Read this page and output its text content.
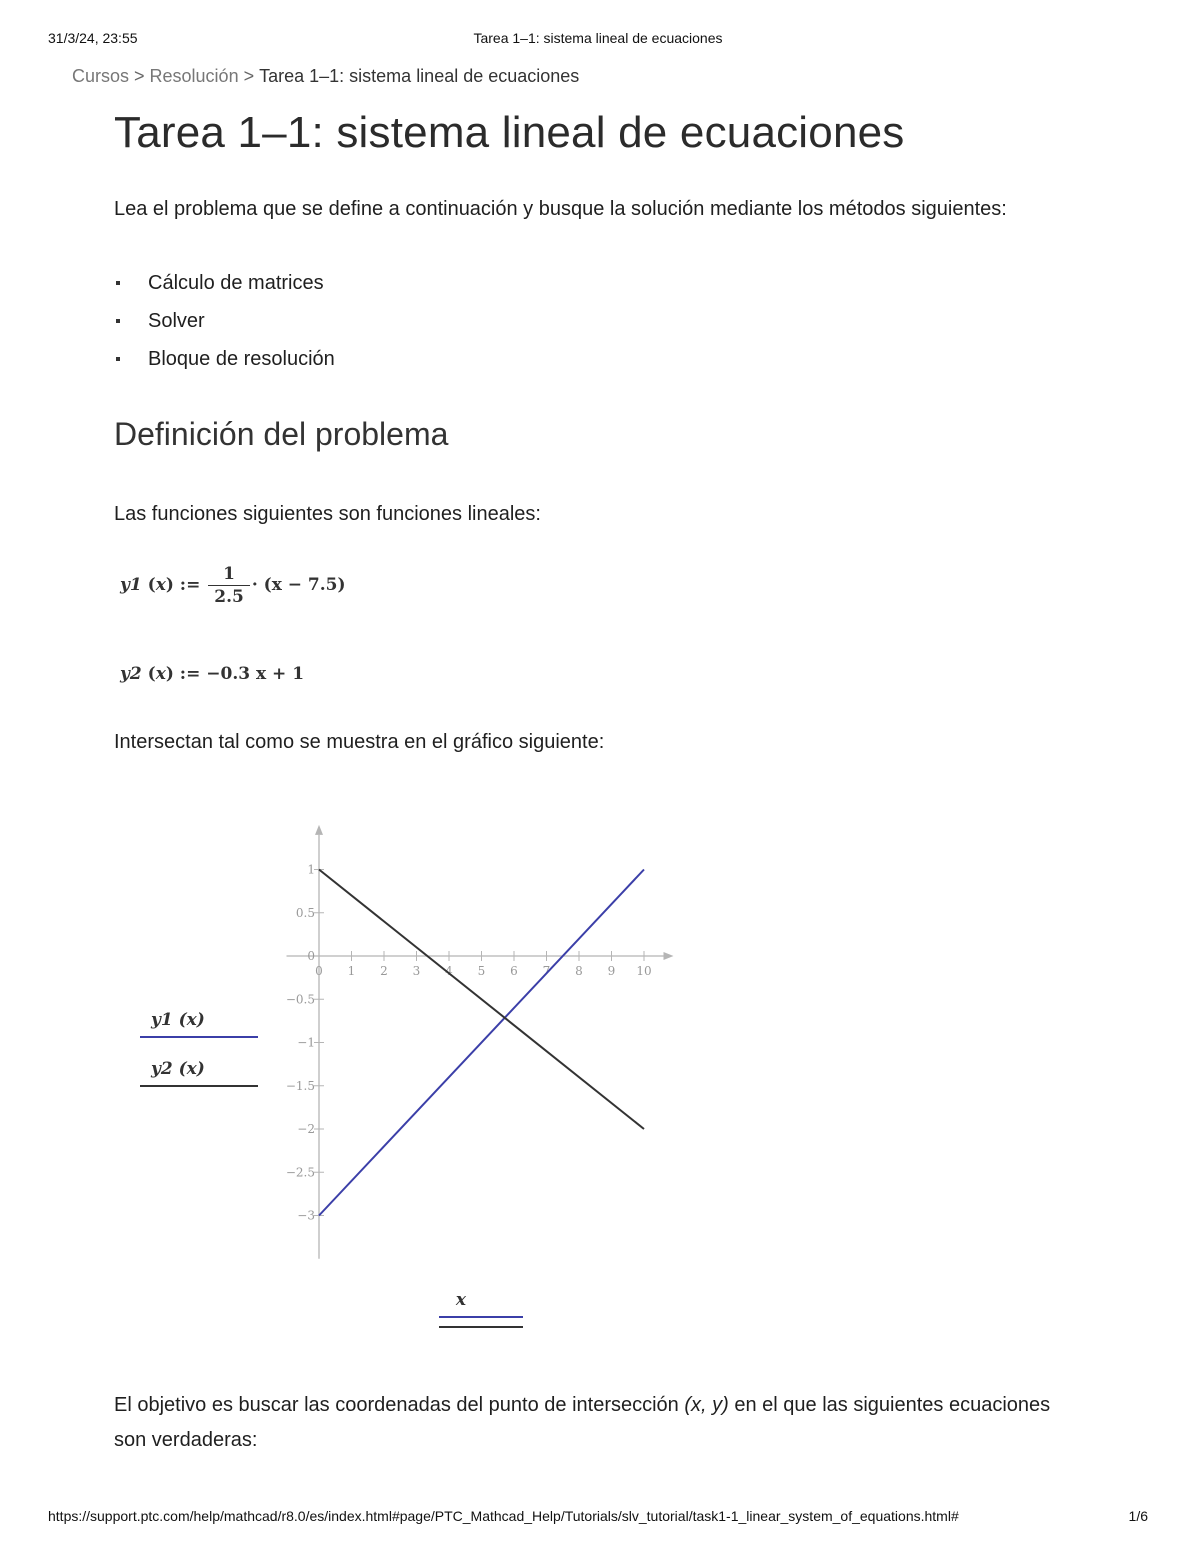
31/3/24, 23:55	Tarea 1–1: sistema lineal de ecuaciones
Cursos > Resolución > Tarea 1–1: sistema lineal de ecuaciones
Tarea 1–1: sistema lineal de ecuaciones

Lea el problema que se define a continuación y busque la solución mediante los métodos siguientes:

Cálculo de matrices
Solver
Bloque de resolución
Definición del problema

Las funciones siguientes son funciones lineales:

y1 (x) := $\frac{1}{2.5} \cdot (x - 7.5)$
y2 (x) := −0.3 x + 1

Intersectan tal como se muestra en el gráfico siguiente:

0 1 2 3 4 5 6 7 8 9 10
1
0.5
0
−0.5
−1
−1.5
−2
−2.5
−3
y1 (x)
y2 (x)
x

El objetivo es buscar las coordenadas del punto de intersección (x, y) en el que las siguientes ecuaciones son verdaderas:

https://support.ptc.com/help/mathcad/r8.0/es/index.html#page/PTC_Mathcad_Help/Tutorials/slv_tutorial/task1-1_linear_system_of_equations.html#	1/6
